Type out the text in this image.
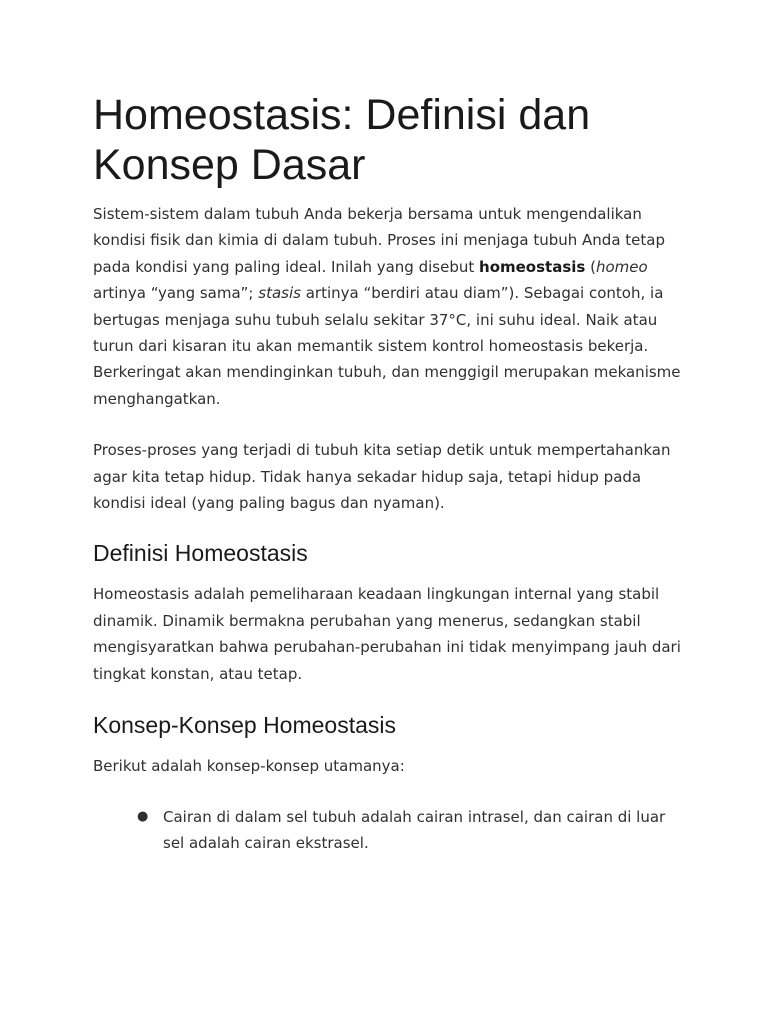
Homeostasis: Definisi dan Konsep Dasar

Sistem-sistem dalam tubuh Anda bekerja bersama untuk mengendalikan kondisi fisik dan kimia di dalam tubuh. Proses ini menjaga tubuh Anda tetap pada kondisi yang paling ideal. Inilah yang disebut homeostasis (homeo artinya “yang sama”; stasis artinya “berdiri atau diam”). Sebagai contoh, ia bertugas menjaga suhu tubuh selalu sekitar 37°C, ini suhu ideal. Naik atau turun dari kisaran itu akan memantik sistem kontrol homeostasis bekerja. Berkeringat akan mendinginkan tubuh, dan menggigil merupakan mekanisme menghangatkan.

Proses-proses yang terjadi di tubuh kita setiap detik untuk mempertahankan agar kita tetap hidup. Tidak hanya sekadar hidup saja, tetapi hidup pada kondisi ideal (yang paling bagus dan nyaman).

Definisi Homeostasis

Homeostasis adalah pemeliharaan keadaan lingkungan internal yang stabil dinamik. Dinamik bermakna perubahan yang menerus, sedangkan stabil mengisyaratkan bahwa perubahan-perubahan ini tidak menyimpang jauh dari tingkat konstan, atau tetap.

Konsep-Konsep Homeostasis

Berikut adalah konsep-konsep utamanya:

● Cairan di dalam sel tubuh adalah cairan intrasel, dan cairan di luar sel adalah cairan ekstrasel.
